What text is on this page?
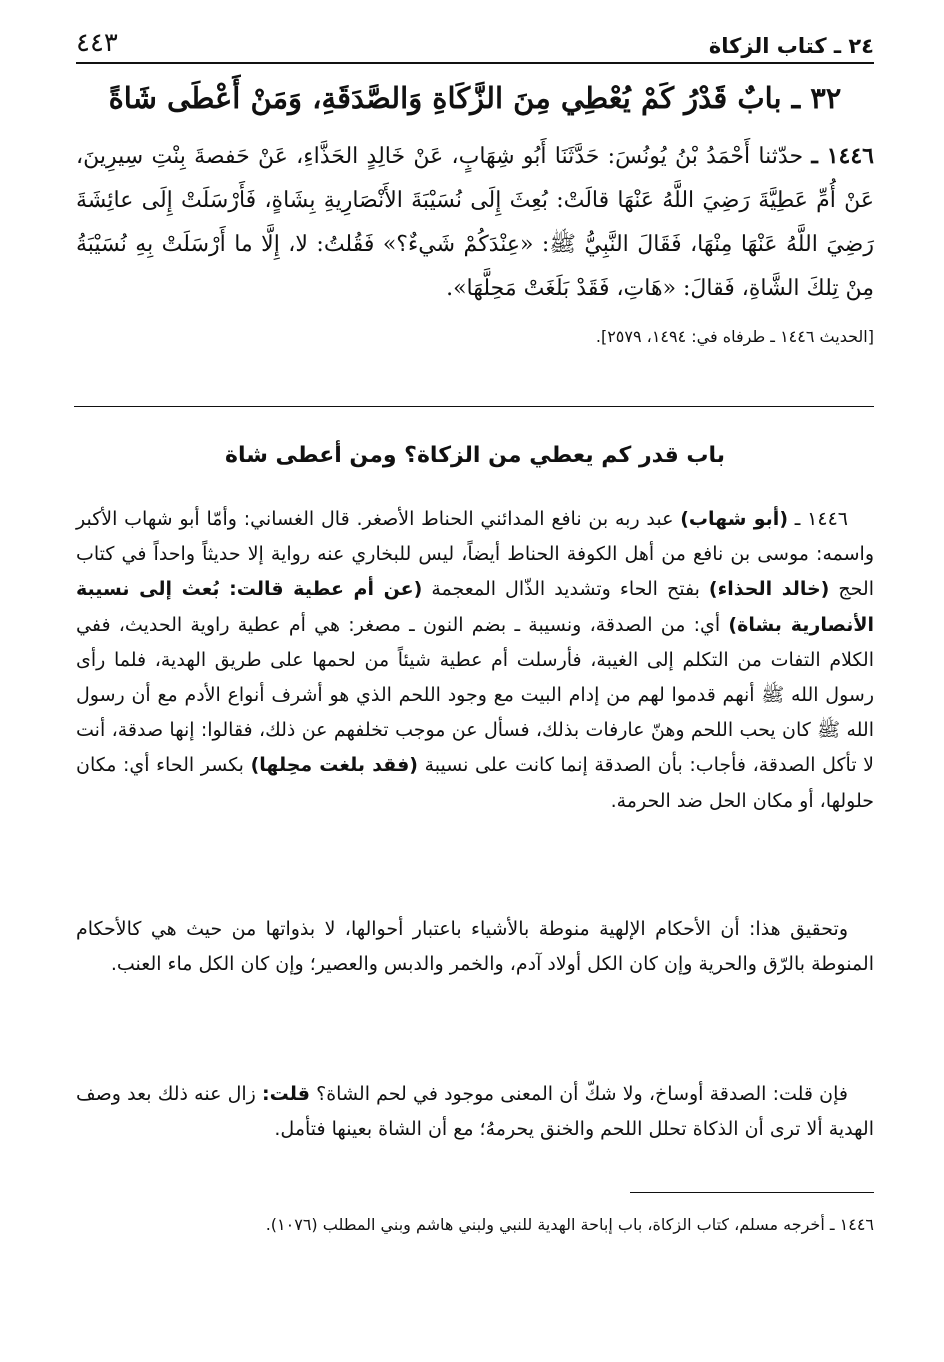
٢٤ ـ كتاب الزكاة
٤٤٣
٣٢ ـ بابٌ قَدْرُ كَمْ يُعْطِي مِنَ الزَّكَاةِ وَالصَّدَقَةِ، وَمَنْ أَعْطَى شَاةً
١٤٤٦ ـ حدّثنا أَحْمَدُ بْنُ يُونُسَ: حَدَّثَنَا أَبُو شِهَابٍ، عَنْ خَالِدٍ الحَذَّاءِ، عَنْ حَفصةَ بِنْتِ سِيرِينَ، عَنْ أُمِّ عَطِيَّةَ رَضِيَ اللَّهُ عَنْهَا قالَتْ: بُعِثَ إِلَى نُسَيْبَةَ الأَنْصَارِيةِ بِشَاةٍ، فَأَرْسَلَتْ إِلَى عائِشَةَ رَضِيَ اللَّهُ عَنْهَا مِنْهَا، فَقَالَ النَّبِيُّ ﷺ: «عِنْدَكُمْ شَيءٌ؟» فَقُلتُ: لا، إِلَّا ما أَرْسَلَتْ بِهِ نُسَيْبَةُ مِنْ تِلكَ الشَّاةِ، فَقالَ: «هَاتِ، فَقَدْ بَلَغَتْ مَحِلَّهَا».
[الحديث ١٤٤٦ ـ طرفاه في: ١٤٩٤، ٢٥٧٩].
باب قدر كم يعطي من الزكاة؟ ومن أعطى شاة
١٤٤٦ ـ (أبو شهاب) عبد ربه بن نافع المدائني الحناط الأصغر. قال الغساني: وأمّا أبو شهاب الأكبر واسمه: موسى بن نافع من أهل الكوفة الحناط أيضاً، ليس للبخاري عنه رواية إلا حديثاً واحداً في كتاب الحج (خالد الحذاء) بفتح الحاء وتشديد الذّال المعجمة (عن أم عطية قالت: بُعث إلى نسيبة الأنصارية بشاة) أي: من الصدقة، ونسيبة ـ بضم النون ـ مصغر: هي أم عطية راوية الحديث، ففي الكلام التفات من التكلم إلى الغيبة، فأرسلت أم عطية شيئاً من لحمها على طريق الهدية، فلما رأى رسول الله ﷺ أنهم قدموا لهم من إدام البيت مع وجود اللحم الذي هو أشرف أنواع الأدم مع أن رسول الله ﷺ كان يحب اللحم وهنّ عارفات بذلك، فسأل عن موجب تخلفهم عن ذلك، فقالوا: إنها صدقة، أنت لا تأكل الصدقة، فأجاب: بأن الصدقة إنما كانت على نسيبة (فقد بلغت محِلها) بكسر الحاء أي: مكان حلولها، أو مكان الحل ضد الحرمة.
وتحقيق هذا: أن الأحكام الإلهية منوطة بالأشياء باعتبار أحوالها، لا بذواتها من حيث هي كالأحكام المنوطة بالرّق والحرية وإن كان الكل أولاد آدم، والخمر والدبس والعصير؛ وإن كان الكل ماء العنب.
فإن قلت: الصدقة أوساخ، ولا شكّ أن المعنى موجود في لحم الشاة؟ قلت: زال عنه ذلك بعد وصف الهدية ألا ترى أن الذكاة تحلل اللحم والخنق يحرمهُ؛ مع أن الشاة بعينها فتأمل.
١٤٤٦ ـ أخرجه مسلم، كتاب الزكاة، باب إباحة الهدية للنبي ولبني هاشم وبني المطلب (١٠٧٦).
